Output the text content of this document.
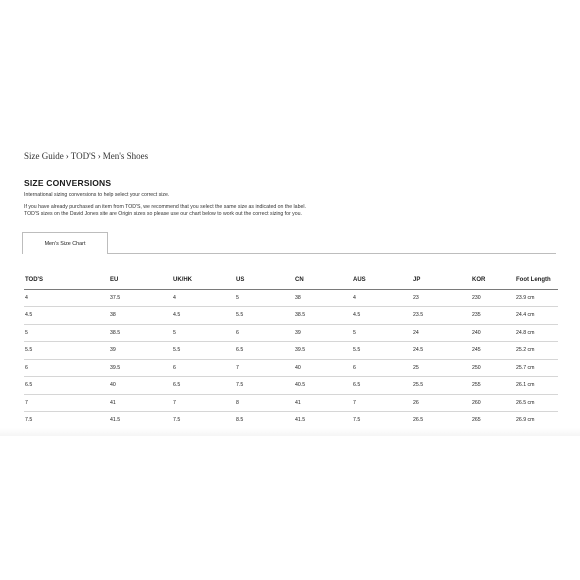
Size Guide › TOD'S › Men's Shoes
SIZE CONVERSIONS
International sizing conversions to help select your correct size.
If you have already purchased an item from TOD'S, we recommend that you select the same size as indicated on the label.
TOD'S sizes on the David Jones site are Origin sizes so please use our chart below to work out the correct sizing for you.
Men's Size Chart
TOD'S	EU	UK/HK	US	CN	AUS	JP	KOR	Foot Length
4	37.5	4	5	38	4	23	230	23.9 cm
4.5	38	4.5	5.5	38.5	4.5	23.5	235	24.4 cm
5	38.5	5	6	39	5	24	240	24.8 cm
5.5	39	5.5	6.5	39.5	5.5	24.5	245	25.2 cm
6	39.5	6	7	40	6	25	250	25.7 cm
6.5	40	6.5	7.5	40.5	6.5	25.5	255	26.1 cm
7	41	7	8	41	7	26	260	26.5 cm
7.5	41.5	7.5	8.5	41.5	7.5	26.5	265	26.9 cm
